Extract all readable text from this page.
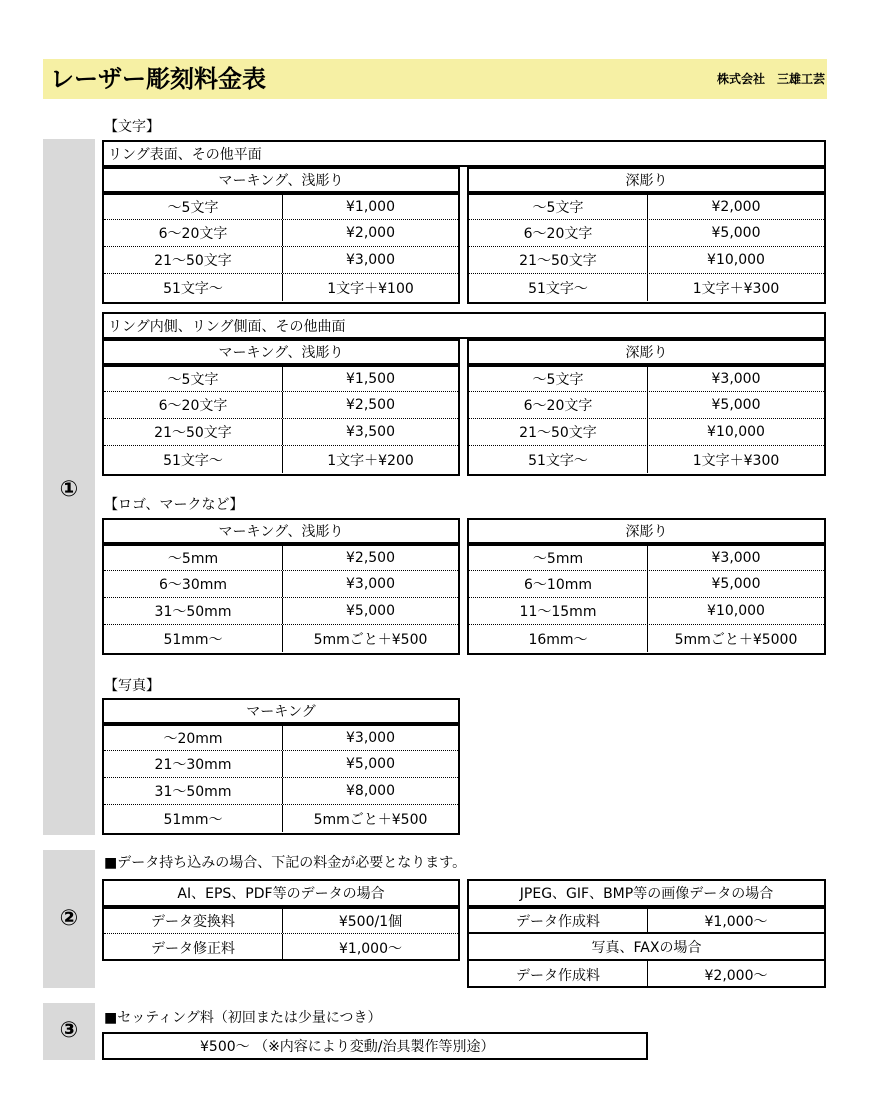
レーザー彫刻料金表	株式会社　三雄工芸
①
②
③
【文字】
リング表面、その他平面
マーキング、浅彫り
～5文字	¥1,000
6～20文字	¥2,000
21～50文字	¥3,000
51文字～	1文字＋¥100
深彫り
～5文字	¥2,000
6～20文字	¥5,000
21～50文字	¥10,000
51文字～	1文字＋¥300
リング内側、リング側面、その他曲面
マーキング、浅彫り
～5文字	¥1,500
6～20文字	¥2,500
21～50文字	¥3,500
51文字～	1文字＋¥200
深彫り
～5文字	¥3,000
6～20文字	¥5,000
21～50文字	¥10,000
51文字～	1文字＋¥300
【ロゴ、マークなど】
マーキング、浅彫り
～5mm	¥2,500
6～30mm	¥3,000
31～50mm	¥5,000
51mm～	5mmごと＋¥500
深彫り
～5mm	¥3,000
6～10mm	¥5,000
11～15mm	¥10,000
16mm～	5mmごと＋¥5000
【写真】
マーキング
～20mm	¥3,000
21～30mm	¥5,000
31～50mm	¥8,000
51mm～	5mmごと＋¥500
■データ持ち込みの場合、下記の料金が必要となります。
AI、EPS、PDF等のデータの場合
データ変換料	¥500/1個
データ修正料	¥1,000～
JPEG、GIF、BMP等の画像データの場合
データ作成料	¥1,000～
写真、FAXの場合
データ作成料	¥2,000～
■セッティング料（初回または少量につき）
¥500～ （※内容により変動/治具製作等別途）
